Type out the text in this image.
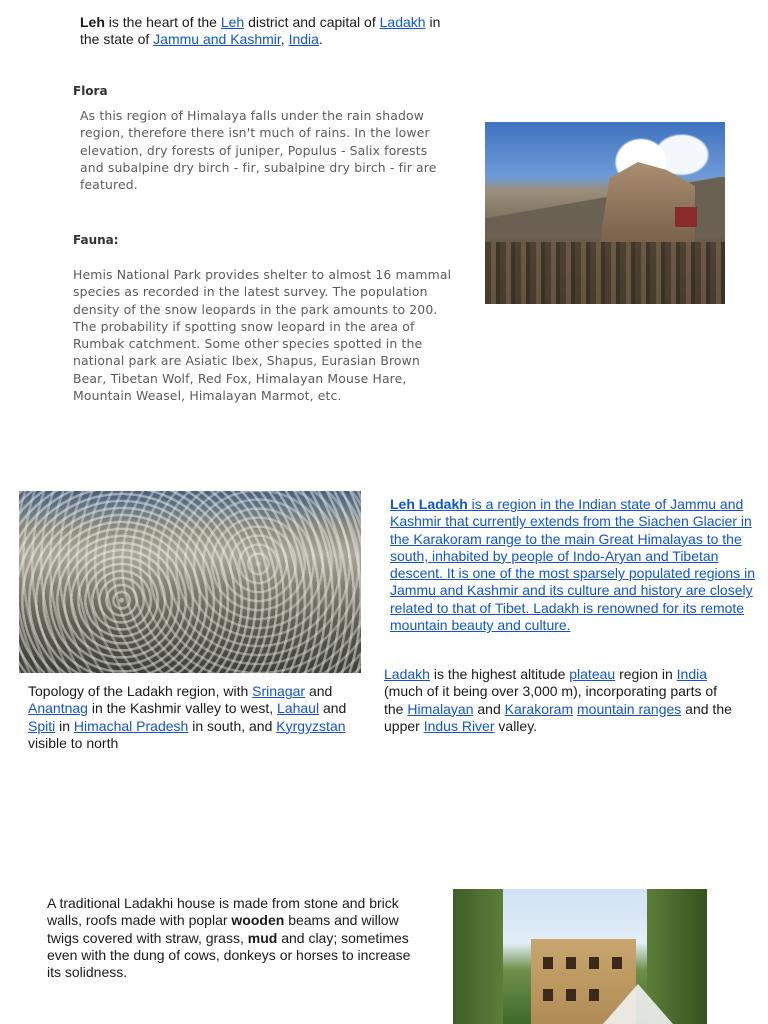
Leh is the heart of the Leh district and capital of Ladakh in the state of Jammu and Kashmir, India.
Flora
As this region of Himalaya falls under the rain shadow region, therefore there isn't much of rains. In the lower elevation, dry forests of juniper, Populus - Salix forests and subalpine dry birch - fir, subalpine dry birch - fir are featured.
Fauna:
Hemis National Park provides shelter to almost 16 mammal species as recorded in the latest survey. The population density of the snow leopards in the park amounts to 200. The probability if spotting snow leopard in the area of Rumbak catchment. Some other species spotted in the national park are Asiatic Ibex, Shapus, Eurasian Brown Bear, Tibetan Wolf, Red Fox, Himalayan Mouse Hare, Mountain Weasel, Himalayan Marmot, etc.
·
·
·
Leh Ladakh is a region in the Indian state of Jammu and Kashmir that currently extends from the Siachen Glacier in the Karakoram range to the main Great Himalayas to the south, inhabited by people of Indo-Aryan and Tibetan descent. It is one of the most sparsely populated regions in Jammu and Kashmir and its culture and history are closely related to that of Tibet. Ladakh is renowned for its remote mountain beauty and culture.
Topology of the Ladakh region, with Srinagar and Anantnag in the Kashmir valley to west, Lahaul and Spiti in Himachal Pradesh in south, and Kyrgyzstan visible to north
Ladakh is the highest altitude plateau region in India (much of it being over 3,000 m), incorporating parts of the Himalayan and Karakoram mountain ranges and the upper Indus River valley.
A traditional Ladakhi house is made from stone and brick walls, roofs made with poplar wooden beams and willow twigs covered with straw, grass, mud and clay; sometimes even with the dung of cows, donkeys or horses to increase its solidness.
